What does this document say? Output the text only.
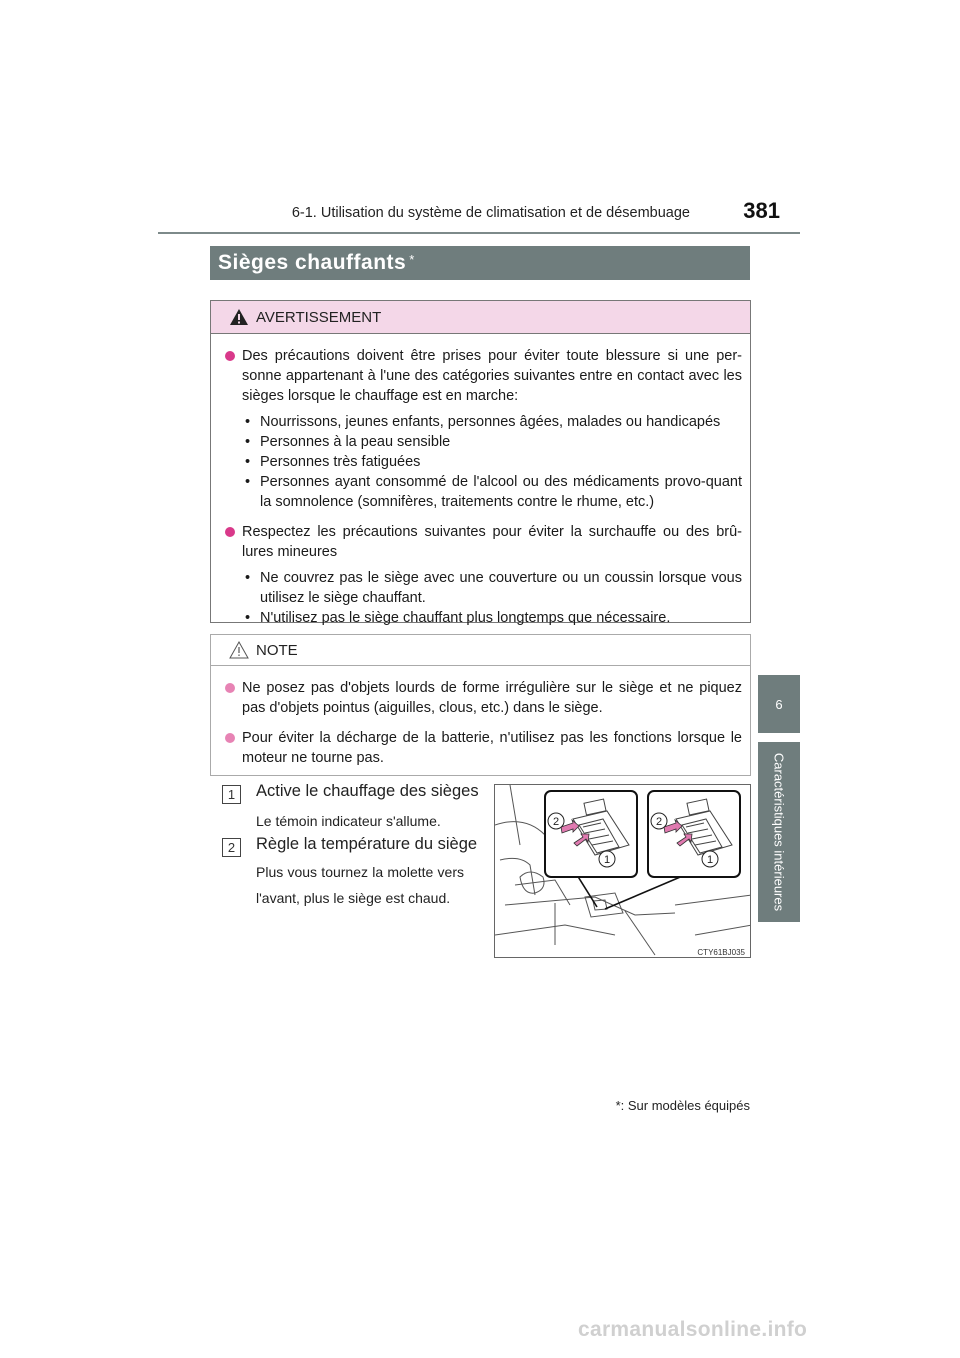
6-1. Utilisation du système de climatisation et de désembuage	381
6
Caractéristiques intérieures
Sièges chauffants*
AVERTISSEMENT
Des précautions doivent être prises pour éviter toute blessure si une per-sonne appartenant à l'une des catégories suivantes entre en contact avec les sièges lorsque le chauffage est en marche:
• Nourrissons, jeunes enfants, personnes âgées, malades ou handicapés
• Personnes à la peau sensible
• Personnes très fatiguées
• Personnes ayant consommé de l'alcool ou des médicaments provo-quant la somnolence (somnifères, traitements contre le rhume, etc.)
Respectez les précautions suivantes pour éviter la surchauffe ou des brû-lures mineures
• Ne couvrez pas le siège avec une couverture ou un coussin lorsque vous utilisez le siège chauffant.
• N'utilisez pas le siège chauffant plus longtemps que nécessaire.
NOTE
Ne posez pas d'objets lourds de forme irrégulière sur le siège et ne piquez pas d'objets pointus (aiguilles, clous, etc.) dans le siège.
Pour éviter la décharge de la batterie, n'utilisez pas les fonctions lorsque le moteur ne tourne pas.
1	Active le chauffage des sièges
Le témoin indicateur s'allume.
2	Règle la température du siège
Plus vous tournez la molette vers l'avant, plus le siège est chaud.
2
1
2
1
CTY61BJ035
*: Sur modèles équipés
carmanualsonline.info
